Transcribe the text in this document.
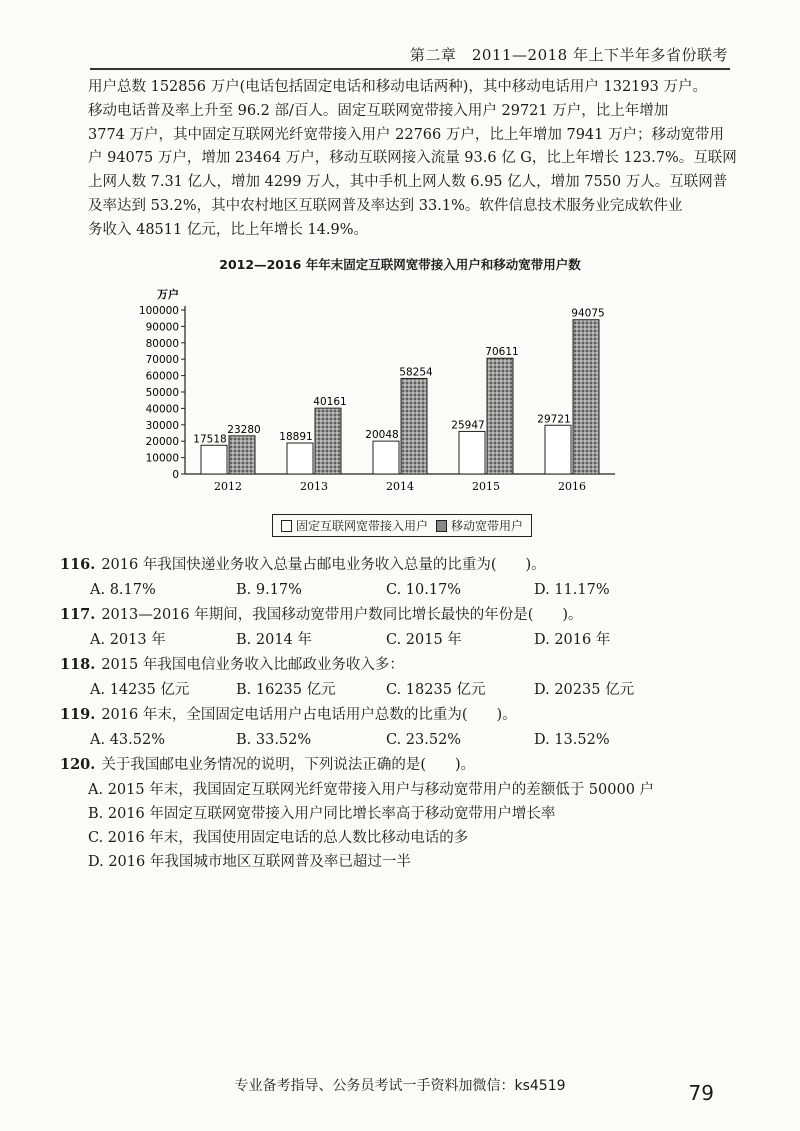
第二章　2011—2018 年上下半年多省份联考
用户总数 152856 万户(电话包括固定电话和移动电话两种)，其中移动电话用户 132193 万户。
移动电话普及率上升至 96.2 部/百人。固定互联网宽带接入用户 29721 万户，比上年增加
3774 万户，其中固定互联网光纤宽带接入用户 22766 万户，比上年增加 7941 万户；移动宽带用
户 94075 万户，增加 23464 万户，移动互联网接入流量 93.6 亿 G，比上年增长 123.7%。互联网
上网人数 7.31 亿人，增加 4299 万人，其中手机上网人数 6.95 亿人，增加 7550 万人。互联网普
及率达到 53.2%，其中农村地区互联网普及率达到 33.1%。软件信息技术服务业完成软件业
务收入 48511 亿元，比上年增长 14.9%。
2012—2016 年年末固定互联网宽带接入用户和移动宽带用户数
万户
0
10000
20000
30000
40000
50000
60000
70000
80000
90000
100000
2012
17518
23280
2013
18891
40161
2014
20048
58254
2015
25947
70611
2016
29721
94075
固定互联网宽带接入用户 移动宽带用户
116. 2016 年我国快递业务收入总量占邮电业务收入总量的比重为(　　)。
A. 8.17%	B. 9.17%	C. 10.17%	D. 11.17%
117. 2013—2016 年期间，我国移动宽带用户数同比增长最快的年份是(　　)。
A. 2013 年	B. 2014 年	C. 2015 年	D. 2016 年
118. 2015 年我国电信业务收入比邮政业务收入多：
A. 14235 亿元	B. 16235 亿元	C. 18235 亿元	D. 20235 亿元
119. 2016 年末，全国固定电话用户占电话用户总数的比重为(　　)。
A. 43.52%	B. 33.52%	C. 23.52%	D. 13.52%
120. 关于我国邮电业务情况的说明，下列说法正确的是(　　)。
A. 2015 年末，我国固定互联网光纤宽带接入用户与移动宽带用户的差额低于 50000 户
B. 2016 年固定互联网宽带接入用户同比增长率高于移动宽带用户增长率
C. 2016 年末，我国使用固定电话的总人数比移动电话的多
D. 2016 年我国城市地区互联网普及率已超过一半
专业备考指导、公务员考试一手资料加微信：ks4519	79
